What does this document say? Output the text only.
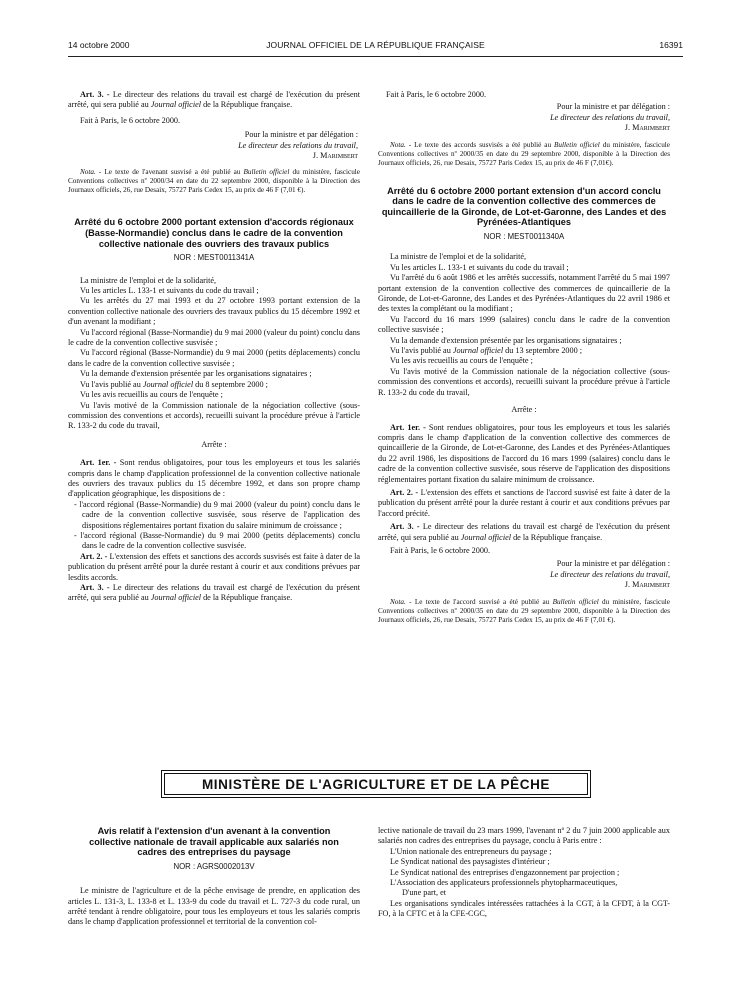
14 octobre 2000	JOURNAL OFFICIEL DE LA RÉPUBLIQUE FRANÇAISE	16391

Art. 3. - Le directeur des relations du travail est chargé de l'exécution du présent arrêté, qui sera publié au Journal officiel de la République française.

Fait à Paris, le 6 octobre 2000.

Pour la ministre et par délégation :
Le directeur des relations du travail,
J. Marimbert

Nota. - Le texte de l'avenant susvisé a été publié au Bulletin officiel du ministère, fascicule Conventions collectives nº 2000/34 en date du 22 septembre 2000, disponible à la Direction des Journaux officiels, 26, rue Desaix, 75727 Paris Cedex 15, au prix de 46 F (7,01 €).

Arrêté du 6 octobre 2000 portant extension d'accords régionaux (Basse-Normandie) conclus dans le cadre de la convention collective nationale des ouvriers des travaux publics
NOR : MESТ0011341A

La ministre de l'emploi et de la solidarité,

Vu les articles L. 133-1 et suivants du code du travail ;

Vu les arrêtés du 27 mai 1993 et du 27 octobre 1993 portant extension de la convention collective nationale des ouvriers des travaux publics du 15 décembre 1992 et d'un avenant la modifiant ;

Vu l'accord régional (Basse-Normandie) du 9 mai 2000 (valeur du point) conclu dans le cadre de la convention collective susvisée ;

Vu l'accord régional (Basse-Normandie) du 9 mai 2000 (petits déplacements) conclu dans le cadre de la convention collective susvisée ;

Vu la demande d'extension présentée par les organisations signataires ;

Vu l'avis publié au Journal officiel du 8 septembre 2000 ;

Vu les avis recueillis au cours de l'enquête ;

Vu l'avis motivé de la Commission nationale de la négociation collective (sous-commission des conventions et accords), recueilli suivant la procédure prévue à l'article R. 133-2 du code du travail,

Arrête :

Art. 1er. - Sont rendus obligatoires, pour tous les employeurs et tous les salariés compris dans le champ d'application professionnel de la convention collective nationale des ouvriers des travaux publics du 15 décembre 1992, et dans son propre champ d'application géographique, les dispositions de :

- l'accord régional (Basse-Normandie) du 9 mai 2000 (valeur du point) conclu dans le cadre de la convention collective susvisée, sous réserve de l'application des dispositions réglementaires portant fixation du salaire minimum de croissance ;
- l'accord régional (Basse-Normandie) du 9 mai 2000 (petits déplacements) conclu dans le cadre de la convention collective susvisée.

Art. 2. - L'extension des effets et sanctions des accords susvisés est faite à dater de la publication du présent arrêté pour la durée restant à courir et aux conditions prévues par lesdits accords.

Art. 3. - Le directeur des relations du travail est chargé de l'exécution du présent arrêté, qui sera publié au Journal officiel de la République française.

Fait à Paris, le 6 octobre 2000.

Pour la ministre et par délégation :
Le directeur des relations du travail,
J. Marimbert

Nota. - Le texte des accords susvisés a été publié au Bulletin officiel du ministère, fascicule Conventions collectives nº 2000/35 en date du 29 septembre 2000, disponible à la Direction des Journaux officiels, 26, rue Desaix, 75727 Paris Cedex 15, au prix de 46 F (7,01€).

Arrêté du 6 octobre 2000 portant extension d'un accord conclu dans le cadre de la convention collective des commerces de quincaillerie de la Gironde, de Lot-et-Garonne, des Landes et des Pyrénées-Atlantiques
NOR : MEST0011340A

La ministre de l'emploi et de la solidarité,

Vu les articles L. 133-1 et suivants du code du travail ;

Vu l'arrêté du 6 août 1986 et les arrêtés successifs, notamment l'arrêté du 5 mai 1997 portant extension de la convention collective des commerces de quincaillerie de la Gironde, de Lot-et-Garonne, des Landes et des Pyrénées-Atlantiques du 22 avril 1986 et des textes la complétant ou la modifiant ;

Vu l'accord du 16 mars 1999 (salaires) conclu dans le cadre de la convention collective susvisée ;

Vu la demande d'extension présentée par les organisations signataires ;

Vu l'avis publié au Journal officiel du 13 septembre 2000 ;

Vu les avis recueillis au cours de l'enquête ;

Vu l'avis motivé de la Commission nationale de la négociation collective (sous-commission des conventions et accords), recueilli suivant la procédure prévue à l'article R. 133-2 du code du travail,

Arrête :

Art. 1er. - Sont rendues obligatoires, pour tous les employeurs et tous les salariés compris dans le champ d'application de la convention collective des commerces de quincaillerie de la Gironde, de Lot-et-Garonne, des Landes et des Pyrénées-Atlantiques du 22 avril 1986, les dispositions de l'accord du 16 mars 1999 (salaires) conclu dans le cadre de la convention collective susvisée, sous réserve de l'application des dispositions réglementaires portant fixation du salaire minimum de croissance.

Art. 2. - L'extension des effets et sanctions de l'accord susvisé est faite à dater de la publication du présent arrêté pour la durée restant à courir et aux conditions prévues par l'accord précité.

Art. 3. - Le directeur des relations du travail est chargé de l'exécution du présent arrêté, qui sera publié au Journal officiel de la République française.

Fait à Paris, le 6 octobre 2000.

Pour la ministre et par délégation :
Le directeur des relations du travail,
J. Marimbert

Nota. - Le texte de l'accord susvisé a été publié au Bulletin officiel du ministère, fascicule Conventions collectives nº 2000/35 en date du 29 septembre 2000, disponible à la Direction des Journaux officiels, 26, rue Desaix, 75727 Paris Cedex 15, au prix de 46 F (7,01 €).

MINISTÈRE DE L'AGRICULTURE ET DE LA PÊCHE
Avis relatif à l'extension d'un avenant à la convention collective nationale de travail applicable aux salariés non cadres des entreprises du paysage
NOR : AGRS0002013V

Le ministre de l'agriculture et de la pêche envisage de prendre, en application des articles L. 131-3, L. 133-8 et L. 133-9 du code du travail et L. 727-3 du code rural, un arrêté tendant à rendre obligatoire, pour tous les employeurs et tous les salariés compris dans le champ d'application professionnel et territorial de la convention col-

lective nationale de travail du 23 mars 1999, l'avenant nº 2 du 7 juin 2000 applicable aux salariés non cadres des entreprises du paysage, conclu à Paris entre :

L'Union nationale des entrepreneurs du paysage ;

Le Syndicat national des paysagistes d'intérieur ;

Le Syndicat national des entreprises d'engazonnement par projection ;

L'Association des applicateurs professionnels phytopharmaceutiques,

D'une part, et

Les organisations syndicales intéressées rattachées à la CGT, à la CFDT, à la CGT-FO, à la CFTC et à la CFE-CGC,
